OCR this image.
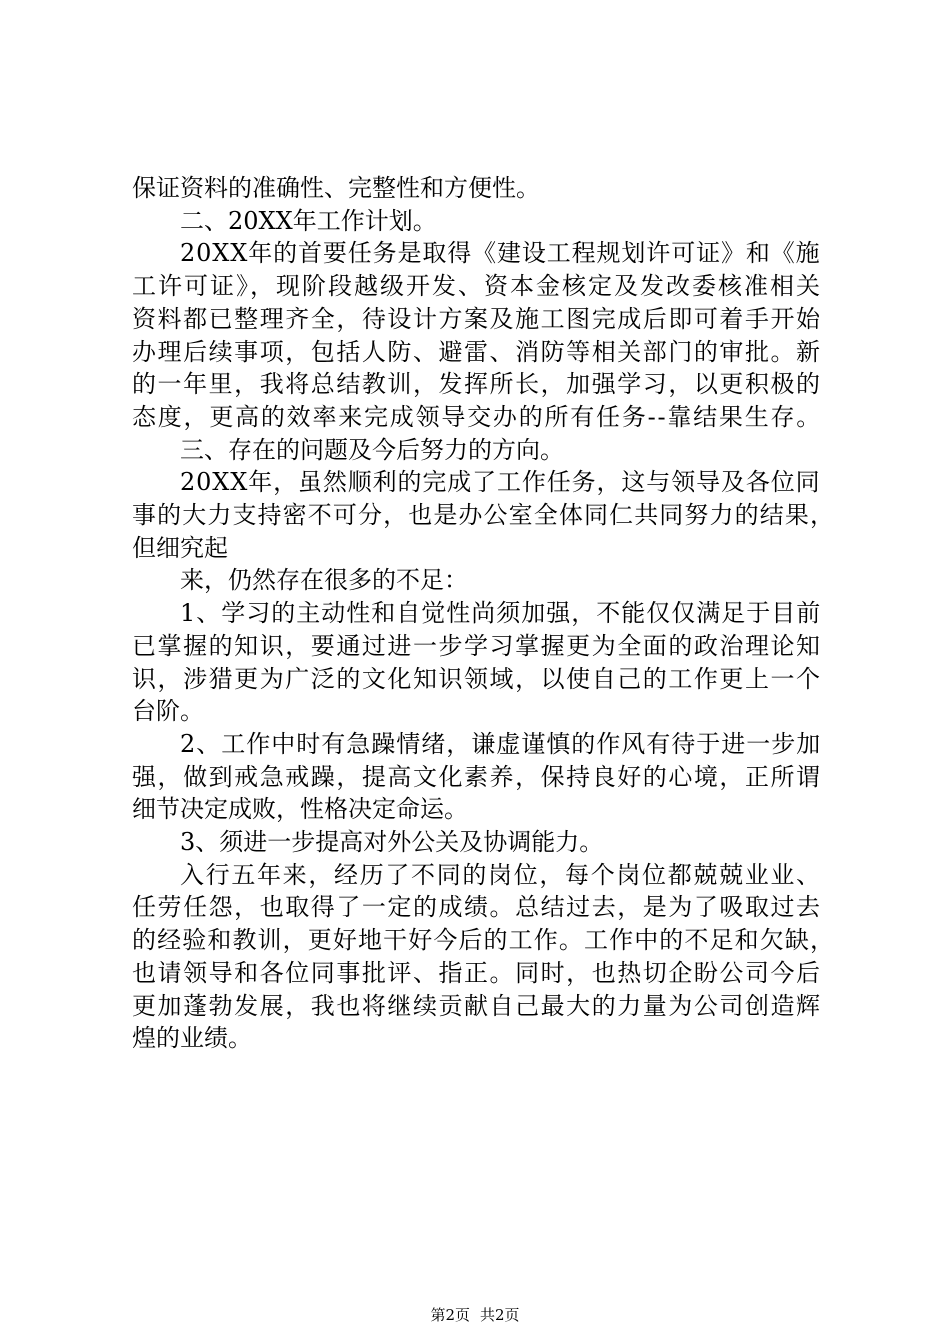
保证资料的准确性、完整性和方便性。
二、20XX年工作计划。
20XX年的首要任务是取得《建设工程规划许可证》和《施
工许可证》，现阶段越级开发、资本金核定及发改委核准相关
资料都已整理齐全，待设计方案及施工图完成后即可着手开始
办理后续事项，包括人防、避雷、消防等相关部门的审批。新
的一年里，我将总结教训，发挥所长，加强学习，以更积极的
态度，更高的效率来完成领导交办的所有任务--靠结果生存。
三、存在的问题及今后努力的方向。
20XX年，虽然顺利的完成了工作任务，这与领导及各位同
事的大力支持密不可分，也是办公室全体同仁共同努力的结果，
但细究起
来，仍然存在很多的不足：
1、学习的主动性和自觉性尚须加强，不能仅仅满足于目前
已掌握的知识，要通过进一步学习掌握更为全面的政治理论知
识，涉猎更为广泛的文化知识领域，以使自己的工作更上一个
台阶。
2、工作中时有急躁情绪，谦虚谨慎的作风有待于进一步加
强，做到戒急戒躁，提高文化素养，保持良好的心境，正所谓
细节决定成败，性格决定命运。
3、须进一步提高对外公关及协调能力。
入行五年来，经历了不同的岗位，每个岗位都兢兢业业、
任劳任怨，也取得了一定的成绩。总结过去，是为了吸取过去
的经验和教训，更好地干好今后的工作。工作中的不足和欠缺，
也请领导和各位同事批评、指正。同时，也热切企盼公司今后
更加蓬勃发展，我也将继续贡献自己最大的力量为公司创造辉
煌的业绩。
第2页 共2页
